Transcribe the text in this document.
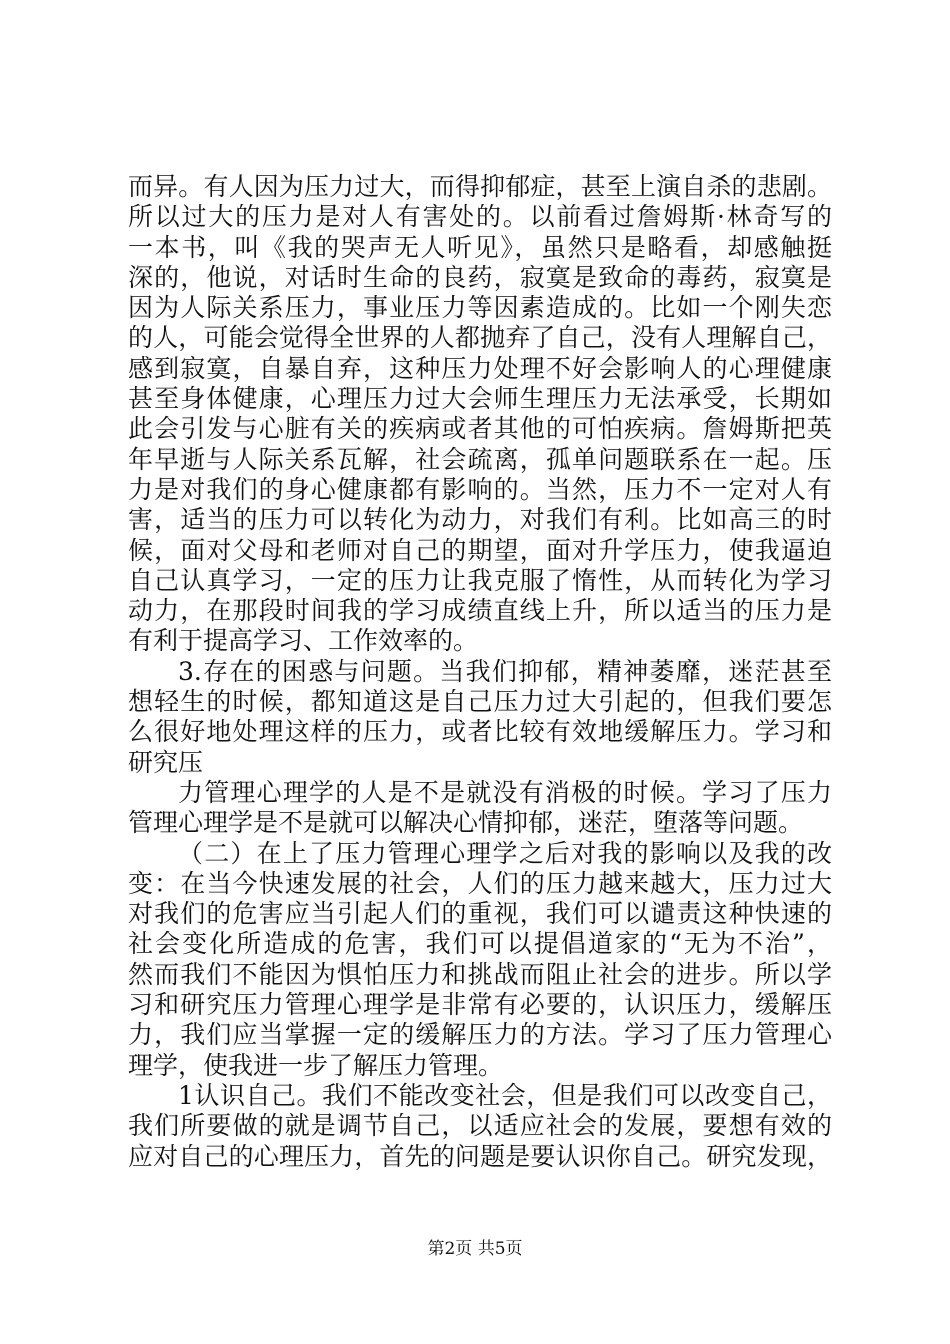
而异。有人因为压力过大，而得抑郁症，甚至上演自杀的悲剧。
所以过大的压力是对人有害处的。以前看过詹姆斯·林奇写的
一本书，叫《我的哭声无人听见》，虽然只是略看，却感触挺
深的，他说，对话时生命的良药，寂寞是致命的毒药，寂寞是
因为人际关系压力，事业压力等因素造成的。比如一个刚失恋
的人，可能会觉得全世界的人都抛弃了自己，没有人理解自己，
感到寂寞，自暴自弃，这种压力处理不好会影响人的心理健康
甚至身体健康，心理压力过大会师生理压力无法承受，长期如
此会引发与心脏有关的疾病或者其他的可怕疾病。詹姆斯把英
年早逝与人际关系瓦解，社会疏离，孤单问题联系在一起。压
力是对我们的身心健康都有影响的。当然，压力不一定对人有
害，适当的压力可以转化为动力，对我们有利。比如高三的时
候，面对父母和老师对自己的期望，面对升学压力，使我逼迫
自己认真学习，一定的压力让我克服了惰性，从而转化为学习
动力，在那段时间我的学习成绩直线上升，所以适当的压力是
有利于提高学习、工作效率的。
3.存在的困惑与问题。当我们抑郁，精神萎靡，迷茫甚至
想轻生的时候，都知道这是自己压力过大引起的，但我们要怎
么很好地处理这样的压力，或者比较有效地缓解压力。学习和
研究压
力管理心理学的人是不是就没有消极的时候。学习了压力
管理心理学是不是就可以解决心情抑郁，迷茫，堕落等问题。
（二）在上了压力管理心理学之后对我的影响以及我的改
变：在当今快速发展的社会，人们的压力越来越大，压力过大
对我们的危害应当引起人们的重视，我们可以谴责这种快速的
社会变化所造成的危害，我们可以提倡道家的“无为不治”，
然而我们不能因为惧怕压力和挑战而阻止社会的进步。所以学
习和研究压力管理心理学是非常有必要的，认识压力，缓解压
力，我们应当掌握一定的缓解压力的方法。学习了压力管理心
理学，使我进一步了解压力管理。
1认识自己。我们不能改变社会，但是我们可以改变自己，
我们所要做的就是调节自己，以适应社会的发展，要想有效的
应对自己的心理压力，首先的问题是要认识你自己。研究发现，
第2页 共5页
